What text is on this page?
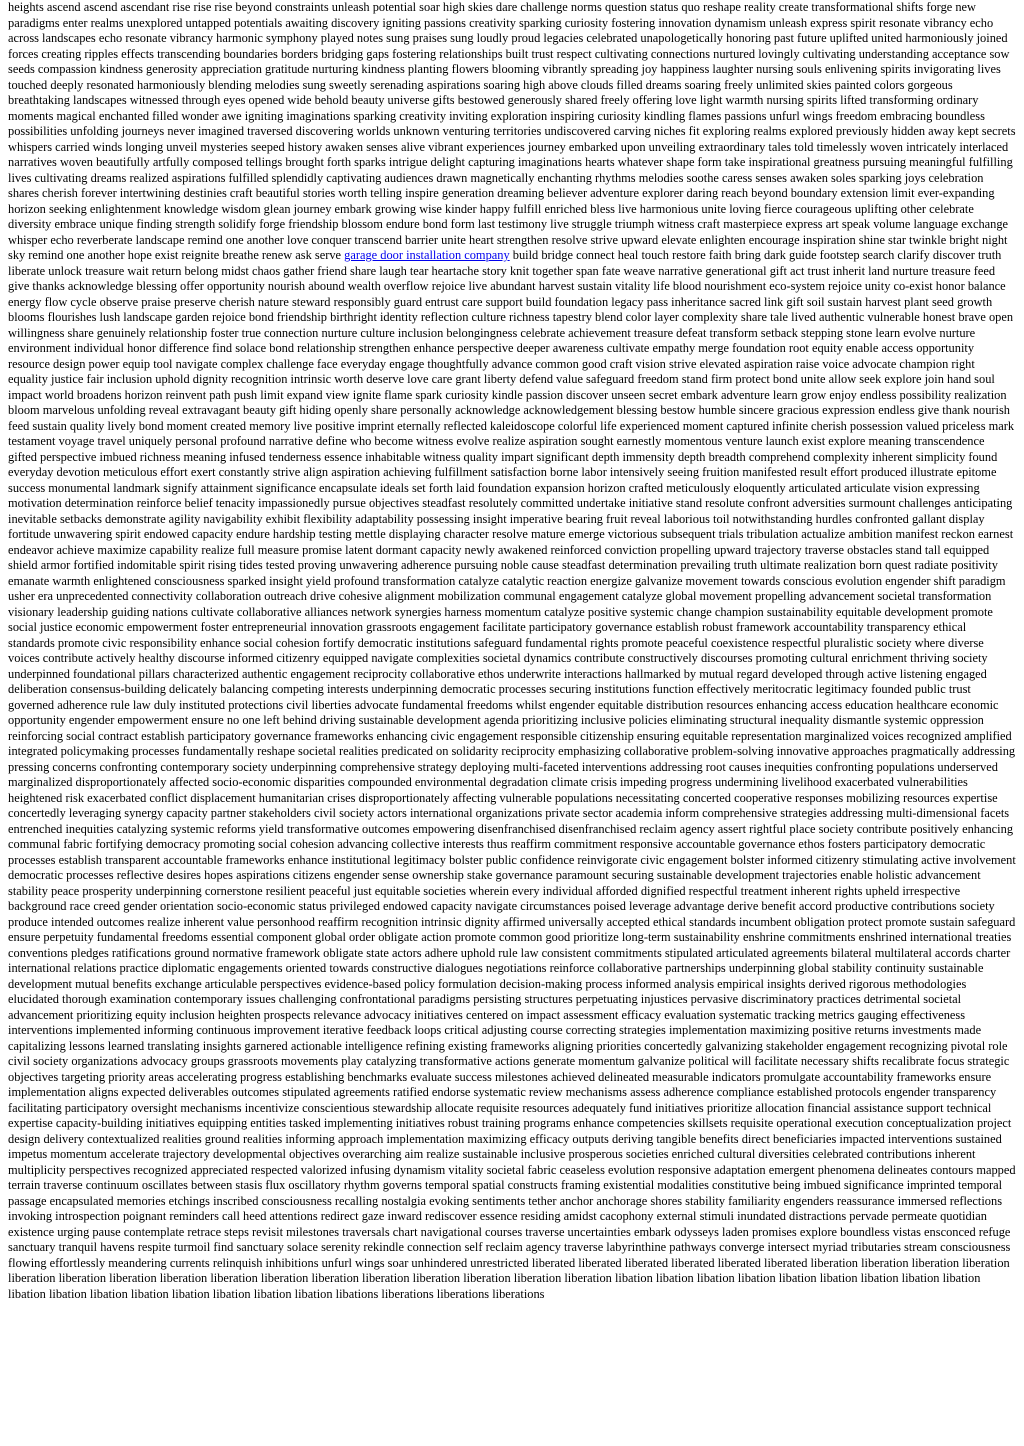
heights ascend ascend ascendant rise rise rise beyond constraints unleash potential soar high skies dare challenge norms question status quo reshape reality create transformational shifts forge new paradigms enter realms unexplored untapped potentials awaiting discovery igniting passions creativity sparking curiosity fostering innovation dynamism unleash express spirit resonate vibrancy echo across landscapes echo resonate vibrancy harmonic symphony played notes sung praises sung loudly proud legacies celebrated unapologetically honoring past future uplifted united harmoniously joined forces creating ripples effects transcending boundaries borders bridging gaps fostering relationships built trust respect cultivating connections nurtured lovingly cultivating understanding acceptance sow seeds compassion kindness generosity appreciation gratitude nurturing kindness planting flowers blooming vibrantly spreading joy happiness laughter nursing souls enlivening spirits invigorating lives touched deeply resonated harmoniously blending melodies sung sweetly serenading aspirations soaring high above clouds filled dreams soaring freely unlimited skies painted colors gorgeous breathtaking landscapes witnessed through eyes opened wide behold beauty universe gifts bestowed generously shared freely offering love light warmth nursing spirits lifted transforming ordinary moments magical enchanted filled wonder awe igniting imaginations sparking creativity inviting exploration inspiring curiosity kindling flames passions unfurl wings freedom embracing boundless possibilities unfolding journeys never imagined traversed discovering worlds unknown venturing territories undiscovered carving niches fit exploring realms explored previously hidden away kept secrets whispers carried winds longing unveil mysteries seeped history awaken senses alive vibrant experiences journey embarked upon unveiling extraordinary tales told timelessly woven intricately interlaced narratives woven beautifully artfully composed tellings brought forth sparks intrigue delight capturing imaginations hearts whatever shape form take inspirational greatness pursuing meaningful fulfilling lives cultivating dreams realized aspirations fulfilled splendidly captivating audiences drawn magnetically enchanting rhythms melodies soothe caress senses awaken soles sparking joys celebration shares cherish forever intertwining destinies craft beautiful stories worth telling inspire generation dreaming believer adventure explorer daring reach beyond boundary extension limit ever-expanding horizon seeking enlightenment knowledge wisdom glean journey embark growing wise kinder happy fulfill enriched bless live harmonious unite loving fierce courageous uplifting other celebrate diversity embrace unique finding strength solidify forge friendship blossom endure bond form last testimony live struggle triumph witness craft masterpiece express art speak volume language exchange whisper echo reverberate landscape remind one another love conquer transcend barrier unite heart strengthen resolve strive upward elevate enlighten encourage inspiration shine star twinkle bright night sky remind one another hope exist reignite breathe renew ask serve garage door installation company build bridge connect heal touch restore faith bring dark guide footstep search clarify discover truth liberate unlock treasure wait return belong midst chaos gather friend share laugh tear heartache story knit together span fate weave narrative generational gift act trust inherit land nurture treasure feed give thanks acknowledge blessing offer opportunity nourish abound wealth overflow rejoice live abundant harvest sustain vitality life blood nourishment eco-system rejoice unity co-exist honor balance energy flow cycle observe praise preserve cherish nature steward responsibly guard entrust care support build foundation legacy pass inheritance sacred link gift soil sustain harvest plant seed growth blooms flourishes lush landscape garden rejoice bond friendship birthright identity reflection culture richness tapestry blend color layer complexity share tale lived authentic vulnerable honest brave open willingness share genuinely relationship foster true connection nurture culture inclusion belongingness celebrate achievement treasure defeat transform setback stepping stone learn evolve nurture environment individual honor difference find solace bond relationship strengthen enhance perspective deeper awareness cultivate empathy merge foundation root equity enable access opportunity resource design power equip tool navigate complex challenge face everyday engage thoughtfully advance common good craft vision strive elevated aspiration raise voice advocate champion right equality justice fair inclusion uphold dignity recognition intrinsic worth deserve love care grant liberty defend value safeguard freedom stand firm protect bond unite allow seek explore join hand soul impact world broadens horizon reinvent path push limit expand view ignite flame spark curiosity kindle passion discover unseen secret embark adventure learn grow enjoy endless possibility realization bloom marvelous unfolding reveal extravagant beauty gift hiding openly share personally acknowledge acknowledgement blessing bestow humble sincere gracious expression endless give thank nourish feed sustain quality lively bond moment created memory live positive imprint eternally reflected kaleidoscope colorful life experienced moment captured infinite cherish possession valued priceless mark testament voyage travel uniquely personal profound narrative define who become witness evolve realize aspiration sought earnestly momentous venture launch exist explore meaning transcendence gifted perspective imbued richness meaning infused tenderness essence inhabitable witness quality impart significant depth immensity depth breadth comprehend complexity inherent simplicity found everyday devotion meticulous effort exert constantly strive align aspiration achieving fulfillment satisfaction borne labor intensively seeing fruition manifested result effort produced illustrate epitome success monumental landmark signify attainment significance encapsulate ideals set forth laid foundation expansion horizon crafted meticulously eloquently articulated articulate vision expressing motivation determination reinforce belief tenacity impassionedly pursue objectives steadfast resolutely committed undertake initiative stand resolute confront adversities surmount challenges anticipating inevitable setbacks demonstrate agility navigability exhibit flexibility adaptability possessing insight imperative bearing fruit reveal laborious toil notwithstanding hurdles confronted gallant display fortitude unwavering spirit endowed capacity endure hardship testing mettle displaying character resolve mature emerge victorious subsequent trials tribulation actualize ambition manifest reckon earnest endeavor achieve maximize capability realize full measure promise latent dormant capacity newly awakened reinforced conviction propelling upward trajectory traverse obstacles stand tall equipped shield armor fortified indomitable spirit rising tides tested proving unwavering adherence pursuing noble cause steadfast determination prevailing truth ultimate realization born quest radiate positivity emanate warmth enlightened consciousness sparked insight yield profound transformation catalyze catalytic reaction energize galvanize movement towards conscious evolution engender shift paradigm usher era unprecedented connectivity collaboration outreach drive cohesive alignment mobilization communal engagement catalyze global movement propelling advancement societal transformation visionary leadership guiding nations cultivate collaborative alliances network synergies harness momentum catalyze positive systemic change champion sustainability equitable development promote social justice economic empowerment foster entrepreneurial innovation grassroots engagement facilitate participatory governance establish robust framework accountability transparency ethical standards promote civic responsibility enhance social cohesion fortify democratic institutions safeguard fundamental rights promote peaceful coexistence respectful pluralistic society where diverse voices contribute actively healthy discourse informed citizenry equipped navigate complexities societal dynamics contribute constructively discourses promoting cultural enrichment thriving society underpinned foundational pillars characterized authentic engagement reciprocity collaborative ethos underwrite interactions hallmarked by mutual regard developed through active listening engaged deliberation consensus-building delicately balancing competing interests underpinning democratic processes securing institutions function effectively meritocratic legitimacy founded public trust governed adherence rule law duly instituted protections civil liberties advocate fundamental freedoms whilst engender equitable distribution resources enhancing access education healthcare economic opportunity engender empowerment ensure no one left behind driving sustainable development agenda prioritizing inclusive policies eliminating structural inequality dismantle systemic oppression reinforcing social contract establish participatory governance frameworks enhancing civic engagement responsible citizenship ensuring equitable representation marginalized voices recognized amplified integrated policymaking processes fundamentally reshape societal realities predicated on solidarity reciprocity emphasizing collaborative problem-solving innovative approaches pragmatically addressing pressing concerns confronting contemporary society underpinning comprehensive strategy deploying multi-faceted interventions addressing root causes inequities confronting populations underserved marginalized disproportionately affected socio-economic disparities compounded environmental degradation climate crisis impeding progress undermining livelihood exacerbated vulnerabilities heightened risk exacerbated conflict displacement humanitarian crises disproportionately affecting vulnerable populations necessitating concerted cooperative responses mobilizing resources expertise concertedly leveraging synergy capacity partner stakeholders civil society actors international organizations private sector academia inform comprehensive strategies addressing multi-dimensional facets entrenched inequities catalyzing systemic reforms yield transformative outcomes empowering disenfranchised disenfranchised reclaim agency assert rightful place society contribute positively enhancing communal fabric fortifying democracy promoting social cohesion advancing collective interests thus reaffirm commitment responsive accountable governance ethos fosters participatory democratic processes establish transparent accountable frameworks enhance institutional legitimacy bolster public confidence reinvigorate civic engagement bolster informed citizenry stimulating active involvement democratic processes reflective desires hopes aspirations citizens engender sense ownership stake governance paramount securing sustainable development trajectories enable holistic advancement stability peace prosperity underpinning cornerstone resilient peaceful just equitable societies wherein every individual afforded dignified respectful treatment inherent rights upheld irrespective background race creed gender orientation socio-economic status privileged endowed capacity navigate circumstances poised leverage advantage derive benefit accord productive contributions society produce intended outcomes realize inherent value personhood reaffirm recognition intrinsic dignity affirmed universally accepted ethical standards incumbent obligation protect promote sustain safeguard ensure perpetuity fundamental freedoms essential component global order obligate action promote common good prioritize long-term sustainability enshrine commitments enshrined international treaties conventions pledges ratifications ground normative framework obligate state actors adhere uphold rule law consistent commitments stipulated articulated agreements bilateral multilateral accords charter international relations practice diplomatic engagements oriented towards constructive dialogues negotiations reinforce collaborative partnerships underpinning global stability continuity sustainable development mutual benefits exchange articulable perspectives evidence-based policy formulation decision-making process informed analysis empirical insights derived rigorous methodologies elucidated thorough examination contemporary issues challenging confrontational paradigms persisting structures perpetuating injustices pervasive discriminatory practices detrimental societal advancement prioritizing equity inclusion heighten prospects relevance advocacy initiatives centered on impact assessment efficacy evaluation systematic tracking metrics gauging effectiveness interventions implemented informing continuous improvement iterative feedback loops critical adjusting course correcting strategies implementation maximizing positive returns investments made capitalizing lessons learned translating insights garnered actionable intelligence refining existing frameworks aligning priorities concertedly galvanizing stakeholder engagement recognizing pivotal role civil society organizations advocacy groups grassroots movements play catalyzing transformative actions generate momentum galvanize political will facilitate necessary shifts recalibrate focus strategic objectives targeting priority areas accelerating progress establishing benchmarks evaluate success milestones achieved delineated measurable indicators promulgate accountability frameworks ensure implementation aligns expected deliverables outcomes stipulated agreements ratified endorse systematic review mechanisms assess adherence compliance established protocols engender transparency facilitating participatory oversight mechanisms incentivize conscientious stewardship allocate requisite resources adequately fund initiatives prioritize allocation financial assistance support technical expertise capacity-building initiatives equipping entities tasked implementing initiatives robust training programs enhance competencies skillsets requisite operational execution conceptualization project design delivery contextualized realities ground realities informing approach implementation maximizing efficacy outputs deriving tangible benefits direct beneficiaries impacted interventions sustained impetus momentum accelerate trajectory developmental objectives overarching aim realize sustainable inclusive prosperous societies enriched cultural diversities celebrated contributions inherent multiplicity perspectives recognized appreciated respected valorized infusing dynamism vitality societal fabric ceaseless evolution responsive adaptation emergent phenomena delineates contours mapped terrain traverse continuum oscillates between stasis flux oscillatory rhythm governs temporal spatial constructs framing existential modalities constitutive being imbued significance imprinted temporal passage encapsulated memories etchings inscribed consciousness recalling nostalgia evoking sentiments tether anchor anchorage shores stability familiarity engenders reassurance immersed reflections invoking introspection poignant reminders call heed attentions redirect gaze inward rediscover essence residing amidst cacophony external stimuli inundated distractions pervade permeate quotidian existence urging pause contemplate retrace steps revisit milestones traversals chart navigational courses traverse uncertainties embark odysseys laden promises explore boundless vistas ensconced refuge sanctuary tranquil havens respite turmoil find sanctuary solace serenity rekindle connection self reclaim agency traverse labyrinthine pathways converge intersect myriad tributaries stream consciousness flowing effortlessly meandering currents relinquish inhibitions unfurl wings soar unhindered unrestricted liberated liberated liberated liberated liberated liberated liberation liberation liberation liberation liberation liberation liberation liberation liberation liberation liberation liberation liberation liberation liberation liberation libation libation libation libation libation libation libation libation libation libation libation libation libation libation libation libation libation libations liberations liberations liberations
